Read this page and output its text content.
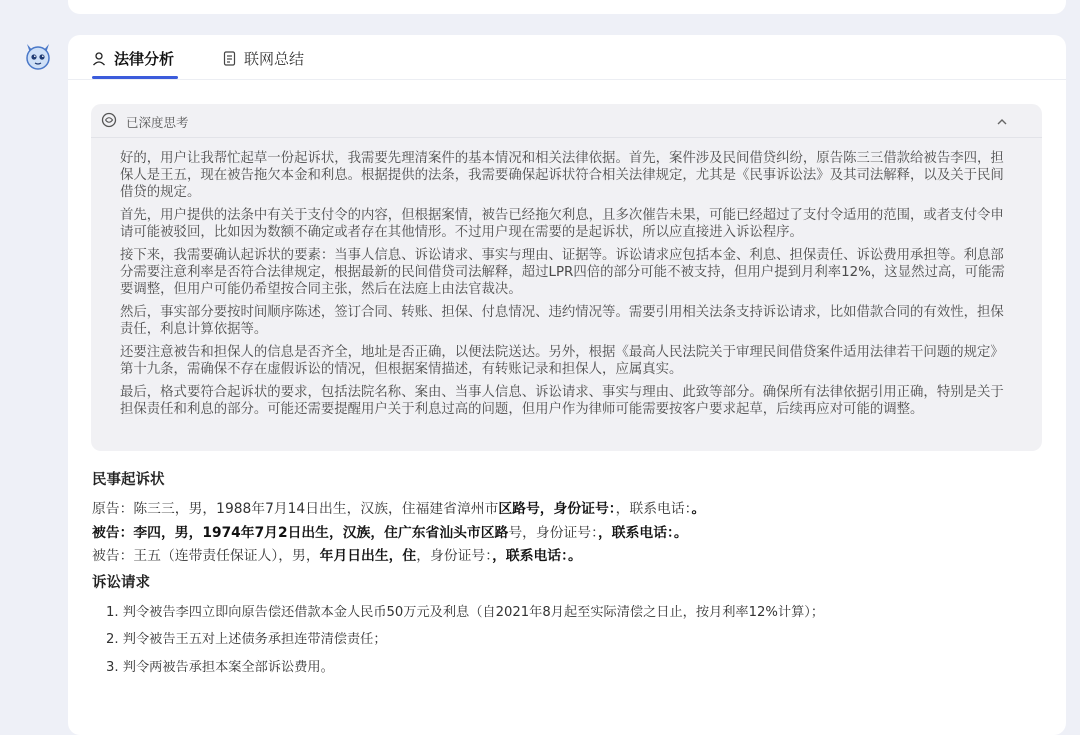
法律分析	联网总结
已深度思考

好的，用户让我帮忙起草一份起诉状，我需要先理清案件的基本情况和相关法律依据。首先，案件涉及民间借贷纠纷，原告陈三三借款给被告李四，担保人是王五，现在被告拖欠本金和利息。根据提供的法条，我需要确保起诉状符合相关法律规定，尤其是《民事诉讼法》及其司法解释，以及关于民间借贷的规定。

首先，用户提供的法条中有关于支付令的内容，但根据案情，被告已经拖欠利息，且多次催告未果，可能已经超过了支付令适用的范围，或者支付令申请可能被驳回，比如因为数额不确定或者存在其他情形。不过用户现在需要的是起诉状，所以应直接进入诉讼程序。

接下来，我需要确认起诉状的要素：当事人信息、诉讼请求、事实与理由、证据等。诉讼请求应包括本金、利息、担保责任、诉讼费用承担等。利息部分需要注意利率是否符合法律规定，根据最新的民间借贷司法解释，超过LPR四倍的部分可能不被支持，但用户提到月利率12%，这显然过高，可能需要调整，但用户可能仍希望按合同主张，然后在法庭上由法官裁决。

然后，事实部分要按时间顺序陈述，签订合同、转账、担保、付息情况、违约情况等。需要引用相关法条支持诉讼请求，比如借款合同的有效性，担保责任，利息计算依据等。

还要注意被告和担保人的信息是否齐全，地址是否正确，以便法院送达。另外，根据《最高人民法院关于审理民间借贷案件适用法律若干问题的规定》第十九条，需确保不存在虚假诉讼的情况，但根据案情描述，有转账记录和担保人，应属真实。

最后，格式要符合起诉状的要求，包括法院名称、案由、当事人信息、诉讼请求、事实与理由、此致等部分。确保所有法律依据引用正确，特别是关于担保责任和利息的部分。可能还需要提醒用户关于利息过高的问题，但用户作为律师可能需要按客户要求起草，后续再应对可能的调整。

民事起诉状
原告：陈三三，男，1988年7月14日出生，汉族，住福建省漳州市区路号，身份证号：，联系电话：。
被告：李四，男，1974年7月2日出生，汉族，住广东省汕头市区路号，身份证号：，联系电话：。
被告：王五（连带责任保证人），男，年月日出生，住，身份证号：，联系电话：。
诉讼请求
1. 判令被告李四立即向原告偿还借款本金人民币50万元及利息（自2021年8月起至实际清偿之日止，按月利率12%计算）；
2. 判令被告王五对上述债务承担连带清偿责任；
3. 判令两被告承担本案全部诉讼费用。
